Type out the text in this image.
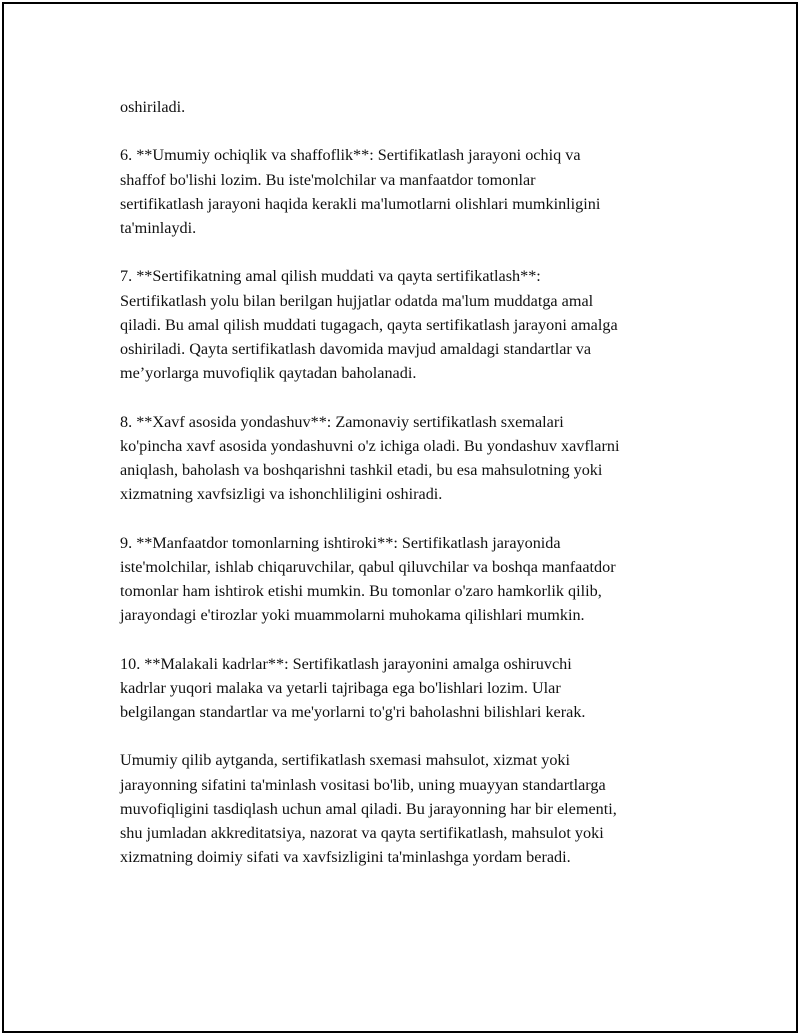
oshiriladi.

6. **Umumiy ochiqlik va shaffoflik**: Sertifikatlash jarayoni ochiq va
shaffof bo'lishi lozim. Bu iste'molchilar va manfaatdor tomonlar
sertifikatlash jarayoni haqida kerakli ma'lumotlarni olishlari mumkinligini
ta'minlaydi.

7. **Sertifikatning amal qilish muddati va qayta sertifikatlash**:
Sertifikatlash yolu bilan berilgan hujjatlar odatda ma'lum muddatga amal
qiladi. Bu amal qilish muddati tugagach, qayta sertifikatlash jarayoni amalga
oshiriladi. Qayta sertifikatlash davomida mavjud amaldagi standartlar va
me’yorlarga muvofiqlik qaytadan baholanadi.

8. **Xavf asosida yondashuv**: Zamonaviy sertifikatlash sxemalari
ko'pincha xavf asosida yondashuvni o'z ichiga oladi. Bu yondashuv xavflarni
aniqlash, baholash va boshqarishni tashkil etadi, bu esa mahsulotning yoki
xizmatning xavfsizligi va ishonchliligini oshiradi.

9. **Manfaatdor tomonlarning ishtiroki**: Sertifikatlash jarayonida
iste'molchilar, ishlab chiqaruvchilar, qabul qiluvchilar va boshqa manfaatdor
tomonlar ham ishtirok etishi mumkin. Bu tomonlar o'zaro hamkorlik qilib,
jarayondagi e'tirozlar yoki muammolarni muhokama qilishlari mumkin.

10. **Malakali kadrlar**: Sertifikatlash jarayonini amalga oshiruvchi
kadrlar yuqori malaka va yetarli tajribaga ega bo'lishlari lozim. Ular
belgilangan standartlar va me'yorlarni to'g'ri baholashni bilishlari kerak.

Umumiy qilib aytganda, sertifikatlash sxemasi mahsulot, xizmat yoki
jarayonning sifatini ta'minlash vositasi bo'lib, uning muayyan standartlarga
muvofiqligini tasdiqlash uchun amal qiladi. Bu jarayonning har bir elementi,
shu jumladan akkreditatsiya, nazorat va qayta sertifikatlash, mahsulot yoki
xizmatning doimiy sifati va xavfsizligini ta'minlashga yordam beradi.
